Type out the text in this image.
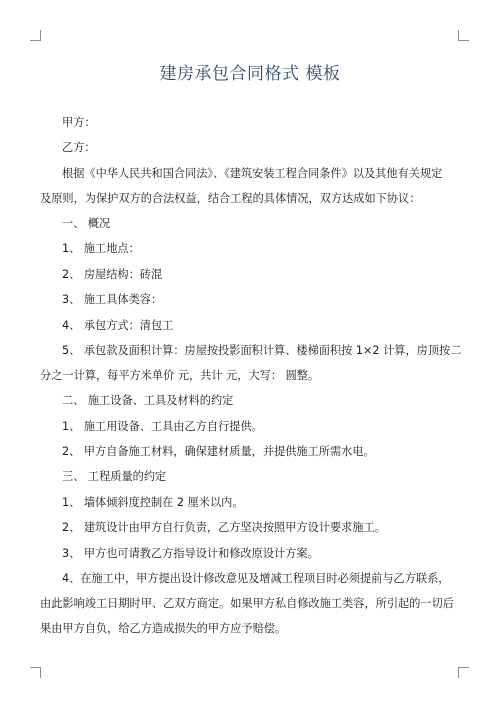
建房承包合同格式 模板
甲方：
乙方：
根据《中华人民共和国合同法》、《建筑安装工程合同条件》以及其他有关规定
及原则，为保护双方的合法权益，结合工程的具体情况，双方达成如下协议：
一、 概况
1、 施工地点：
2、 房屋结构：砖混
3、 施工具体类容：
4、 承包方式：清包工
5、 承包款及面积计算：房屋按投影面积计算、楼梯面积按 1×2 计算，房顶按二
分之一计算，每平方米单价 元，共计 元，大写： 圆整。
二、 施工设备、工具及材料的约定
1、 施工用设备、工具由乙方自行提供。
2、 甲方自备施工材料，确保建材质量，并提供施工所需水电。
三、 工程质量的约定
1、 墙体倾斜度控制在 2 厘米以内。
2、 建筑设计由甲方自行负责，乙方坚决按照甲方设计要求施工。
3、 甲方也可请教乙方指导设计和修改原设计方案。
4、在施工中，甲方提出设计修改意见及增减工程项目时必须提前与乙方联系，
由此影响竣工日期时甲、乙双方商定。如果甲方私自修改施工类容，所引起的一切后
果由甲方自负，给乙方造成损失的甲方应予赔偿。
